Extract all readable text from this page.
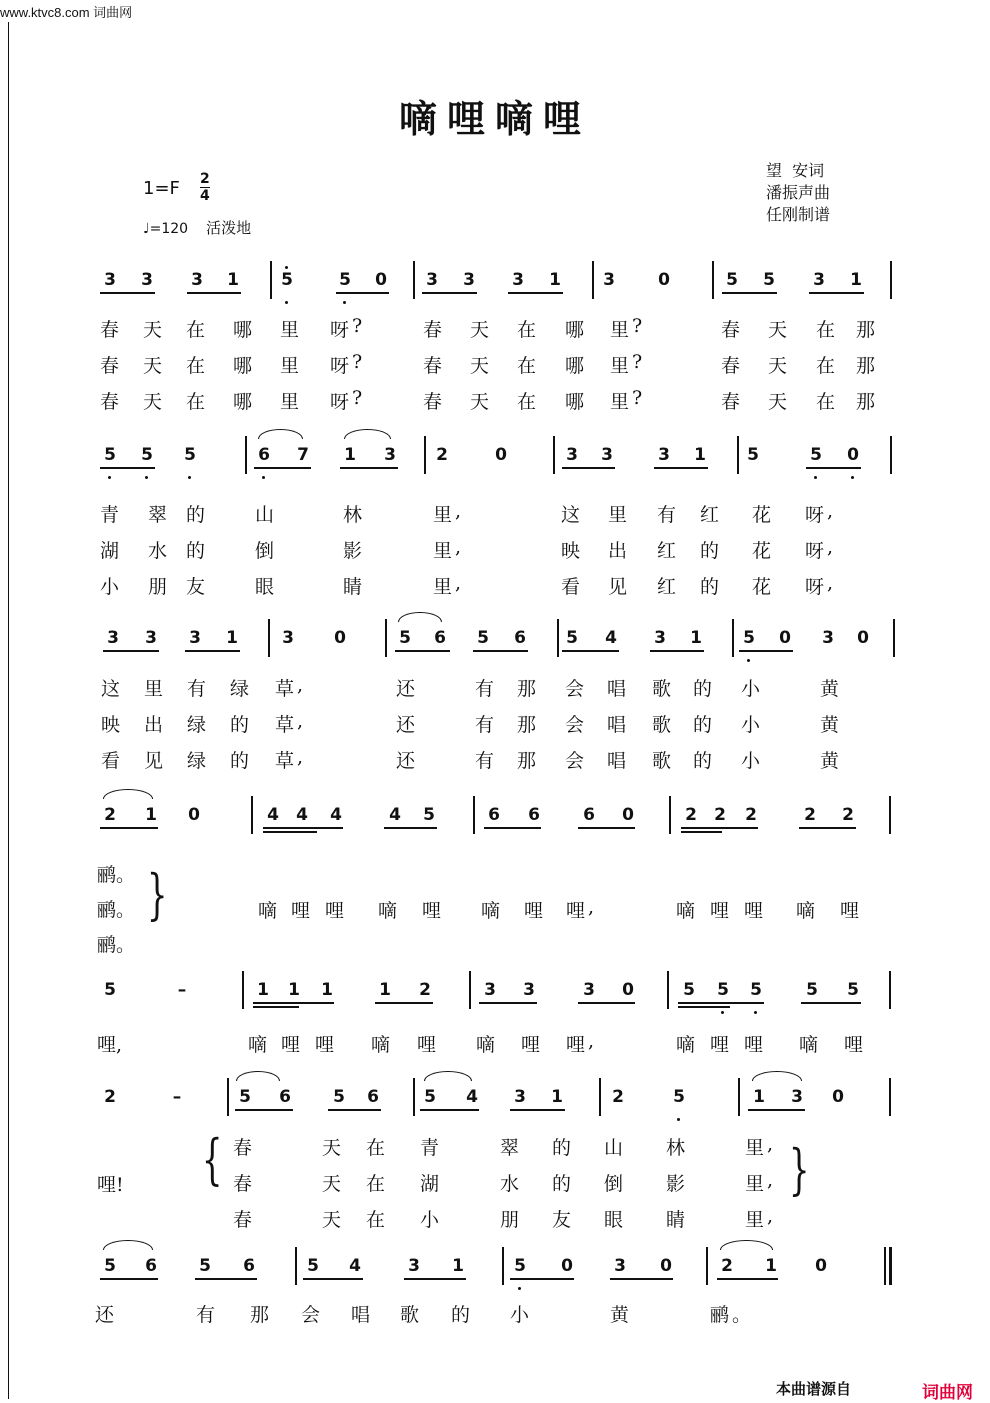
www.ktvc8.com 词曲网
嘀哩嘀哩
望  安词
潘振声曲
任刚制谱
1=F 2
4
♩=120 活泼地
3 3 3 1 5	5 0 3 3 3 1 3	0	5 5 3 1
5 5 5	6 7 1 3 2	0	3 3	3 1 5	5 0
3 3 3 1	3 0	5 6 5 6 5 4 3 1 5 0 3 0
2 1 0	4 4 4	4 5	6 6	6 0	2 2 2	2 2
5	–	1 1 1	1 2	3 3	3 0	5 5 5	5 5
2	–	5 6 5 6	5 4 3 1	2	5	1 3 0
5 6 5 6	5 4	3 1	5 0 3 0	2 1 0
春 天 在 哪 里 呀 ?	春 天 在 哪 里 ?	春 天 在 那
春 天 在 哪 里 呀 ?	春 天 在 哪 里 ?	春 天 在 那
春 天 在 哪 里 呀 ?	春 天 在 哪 里 ?	春 天 在 那
青 翠 的	山	林	里 ,	这 里 有 红 花 呀 ,
湖 水 的	倒	影	里 ,	映 出 红 的 花 呀 ,
小 朋 友	眼	睛	里 ,	看 见 红 的 花 呀 ,
这 里 有 绿 草 ,	还	有 那 会 唱 歌 的 小	黄
映 出 绿 的 草 ,	还	有 那 会 唱 歌 的 小	黄
看 见 绿 的 草 ,	还	有 那 会 唱 歌 的 小	黄
鹂。
鹂。
鹂。
}	嘀 哩 哩 嘀 哩 嘀 哩 哩 ,	嘀 哩 哩 嘀 哩
哩,	嘀 哩 哩 嘀 哩 嘀 哩 哩 ,	嘀 哩 哩 嘀 哩
哩! {	}
春	天 在 青	翠 的 山 林	里 ,
春	天 在 湖	水 的 倒 影	里 ,
春	天 在 小	朋 友 眼 睛	里 ,
还	有 那 会 唱 歌 的 小	黄	鹂 。
本曲谱源自	词曲网
